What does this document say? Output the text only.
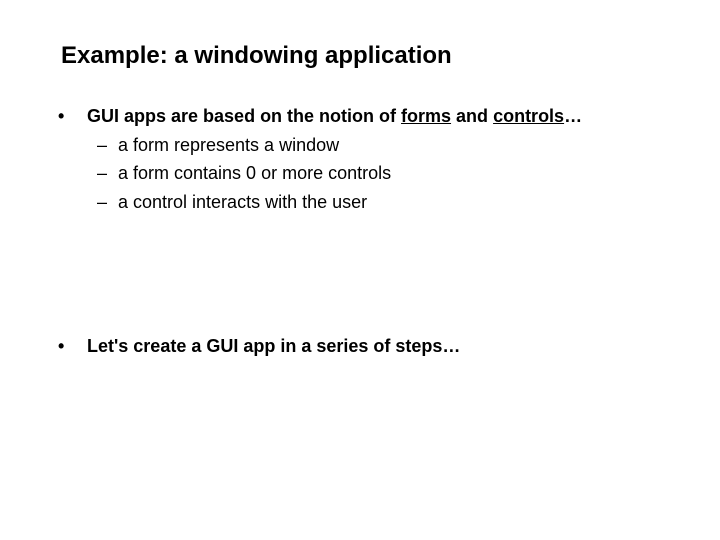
Example: a windowing application
• GUI apps are based on the notion of forms and controls…
– a form represents a window
– a form contains 0 or more controls
– a control interacts with the user
• Let's create a GUI app in a series of steps…
